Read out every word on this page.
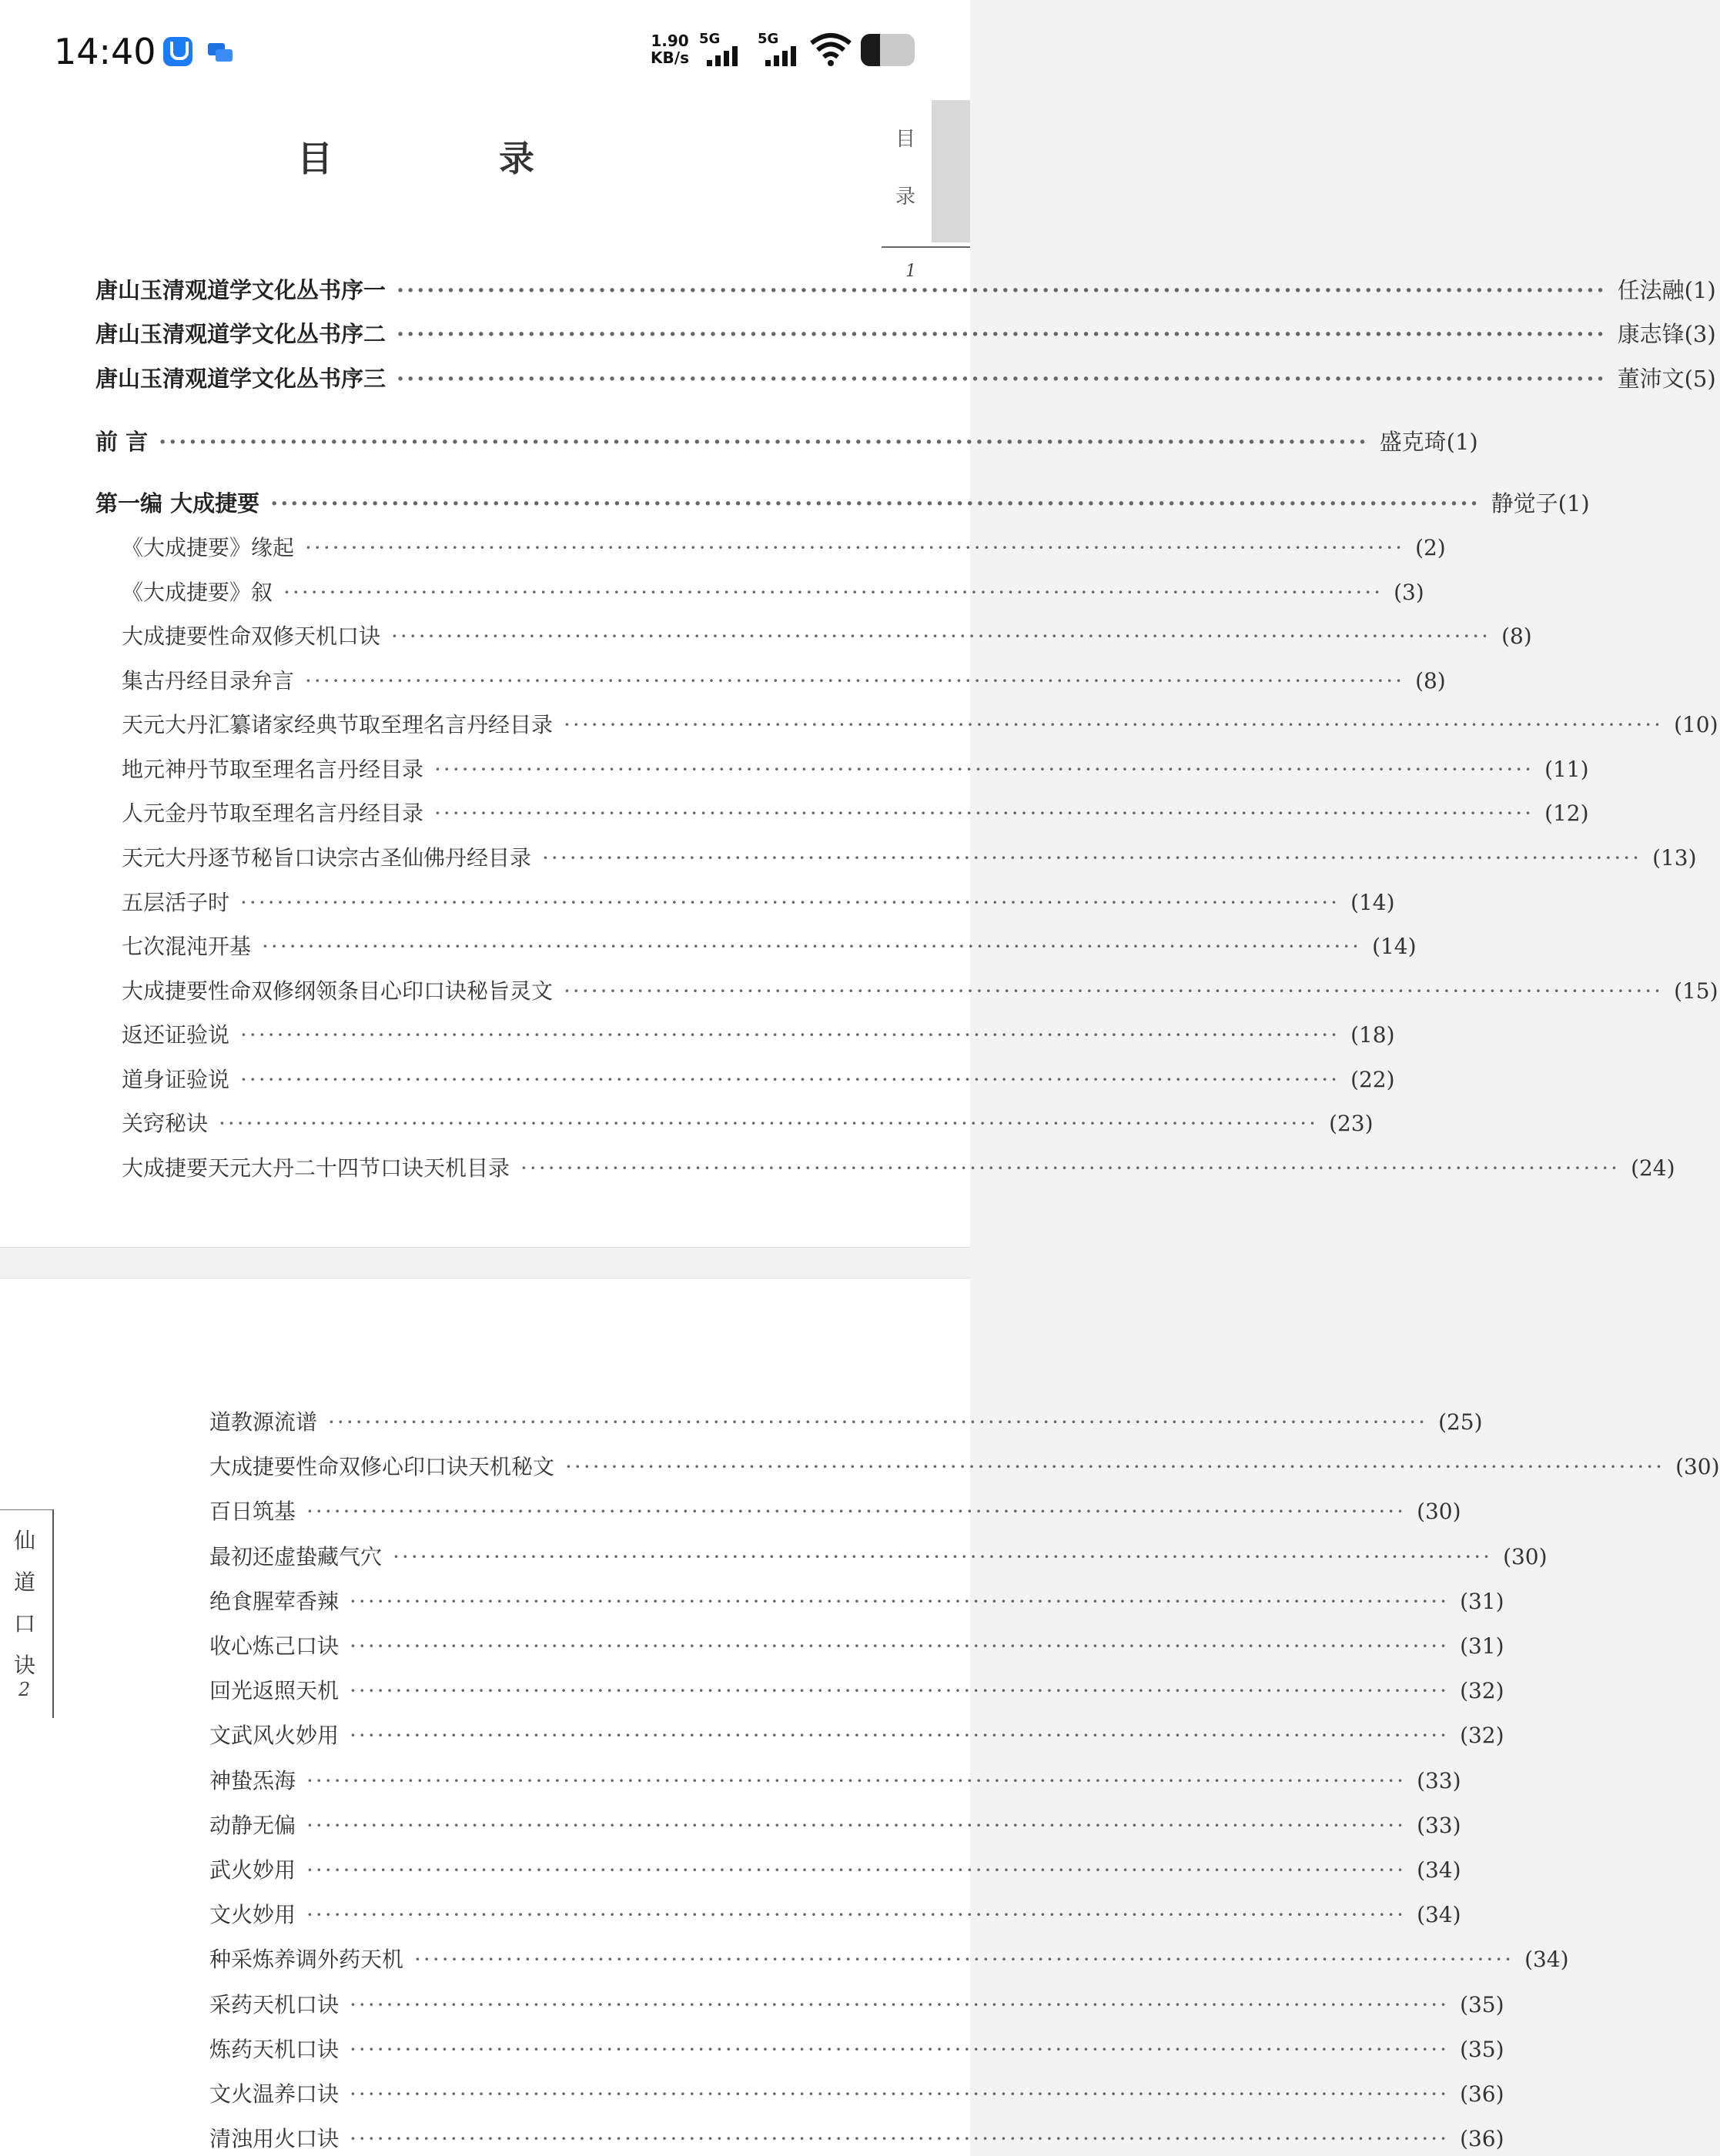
14:40	1.90
KB/s
5G	5G
目 录	目
录
1
唐山玉清观道学文化丛书序一 ························································································································ 任法融(1)
唐山玉清观道学文化丛书序二 ························································································································ 康志锋(3)
唐山玉清观道学文化丛书序三 ························································································································ 董沛文(5)
前 言 ························································································································ 盛克琦(1)
第一编 大成捷要 ························································································································ 静觉子(1)
《大成捷要》缘起 ························································································································ (2)
《大成捷要》叙 ························································································································ (3)
大成捷要性命双修天机口诀 ························································································································ (8)
集古丹经目录弁言 ························································································································ (8)
天元大丹汇纂诸家经典节取至理名言丹经目录 ························································································································ (10)
地元神丹节取至理名言丹经目录 ························································································································ (11)
人元金丹节取至理名言丹经目录 ························································································································ (12)
天元大丹逐节秘旨口诀宗古圣仙佛丹经目录 ························································································································ (13)
五层活子时 ························································································································ (14)
七次混沌开基 ························································································································ (14)
大成捷要性命双修纲领条目心印口诀秘旨灵文 ························································································································ (15)
返还证验说 ························································································································ (18)
道身证验说 ························································································································ (22)
关窍秘诀 ························································································································ (23)
大成捷要天元大丹二十四节口诀天机目录 ························································································································ (24)
仙
道
口
诀
2
道教源流谱 ························································································································ (25)
大成捷要性命双修心印口诀天机秘文 ························································································································ (30)
百日筑基 ························································································································ (30)
最初还虚蛰藏气穴 ························································································································ (30)
绝食腥荤香辣 ························································································································ (31)
收心炼己口诀 ························································································································ (31)
回光返照天机 ························································································································ (32)
文武风火妙用 ························································································································ (32)
神蛰炁海 ························································································································ (33)
动静无偏 ························································································································ (33)
武火妙用 ························································································································ (34)
文火妙用 ························································································································ (34)
种采炼养调外药天机 ························································································································ (34)
采药天机口诀 ························································································································ (35)
炼药天机口诀 ························································································································ (35)
文火温养口诀 ························································································································ (36)
清浊用火口诀 ························································································································ (36)
